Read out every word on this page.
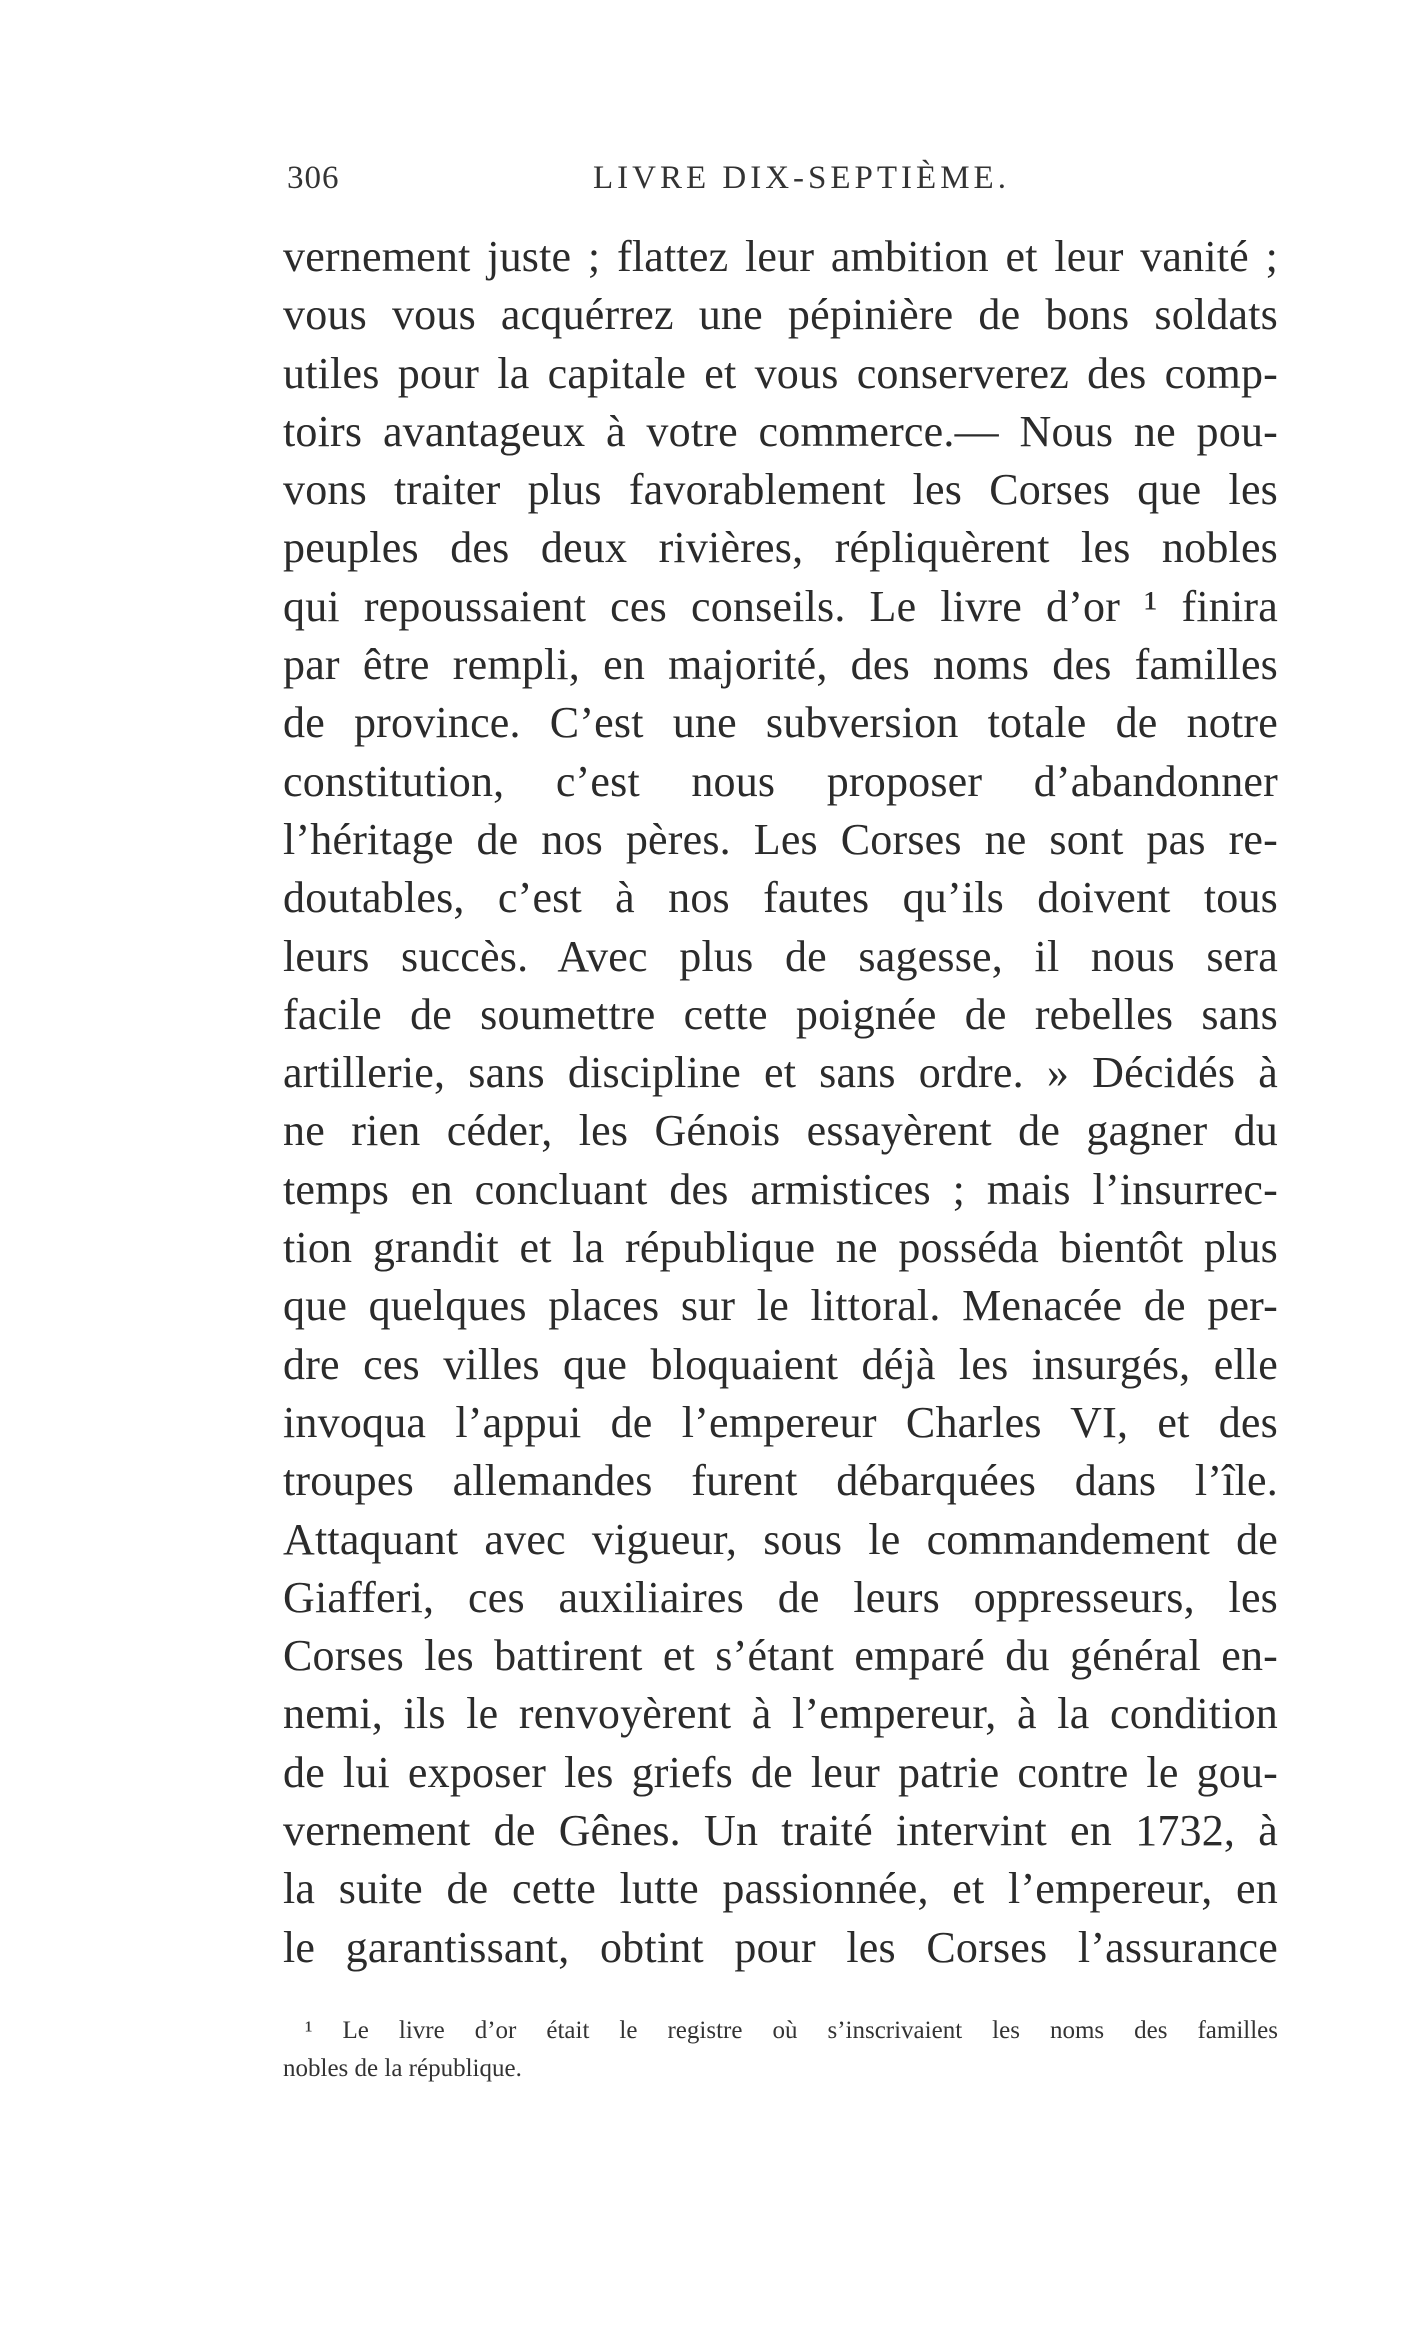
306	LIVRE DIX-SEPTIÈME.
vernement juste ; flattez leur ambition et leur vanité ;
vous vous acquérrez une pépinière de bons soldats
utiles pour la capitale et vous conserverez des comp-
toirs avantageux à votre commerce.— Nous ne pou-
vons traiter plus favorablement les Corses que les
peuples des deux rivières, répliquèrent les nobles
qui repoussaient ces conseils. Le livre d’or ¹ finira
par être rempli, en majorité, des noms des familles
de province. C’est une subversion totale de notre
constitution, c’est nous proposer d’abandonner
l’héritage de nos pères. Les Corses ne sont pas re-
doutables, c’est à nos fautes qu’ils doivent tous
leurs succès. Avec plus de sagesse, il nous sera
facile de soumettre cette poignée de rebelles sans
artillerie, sans discipline et sans ordre. » Décidés à
ne rien céder, les Génois essayèrent de gagner du
temps en concluant des armistices ; mais l’insurrec-
tion grandit et la république ne posséda bientôt plus
que quelques places sur le littoral. Menacée de per-
dre ces villes que bloquaient déjà les insurgés, elle
invoqua l’appui de l’empereur Charles VI, et des
troupes allemandes furent débarquées dans l’île.
Attaquant avec vigueur, sous le commandement de
Giafferi, ces auxiliaires de leurs oppresseurs, les
Corses les battirent et s’étant emparé du général en-
nemi, ils le renvoyèrent à l’empereur, à la condition
de lui exposer les griefs de leur patrie contre le gou-
vernement de Gênes. Un traité intervint en 1732, à
la suite de cette lutte passionnée, et l’empereur, en
le garantissant, obtint pour les Corses l’assurance
¹ Le livre d’or était le registre où s’inscrivaient les noms des familles
nobles de la république.
